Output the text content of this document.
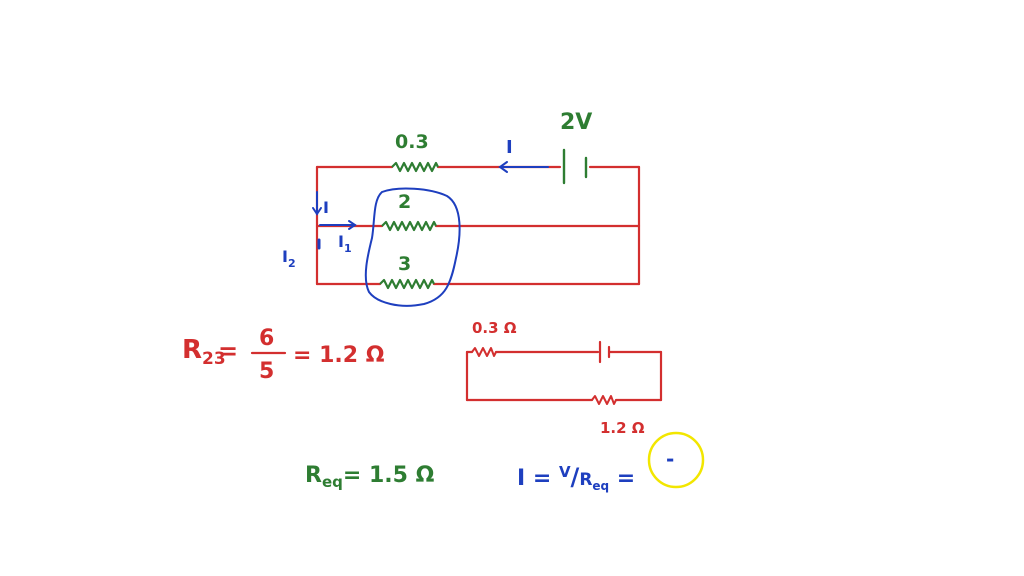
2V
0.3
2
3
I
I
$I_1$
$I_2$
$R_{23}$
= 6
5
= 1.2 Ω
0.3 Ω
1.2 Ω
$R_{eq}= 1.5$ Ω	$I = ^V/R_{eq}$ =
-
